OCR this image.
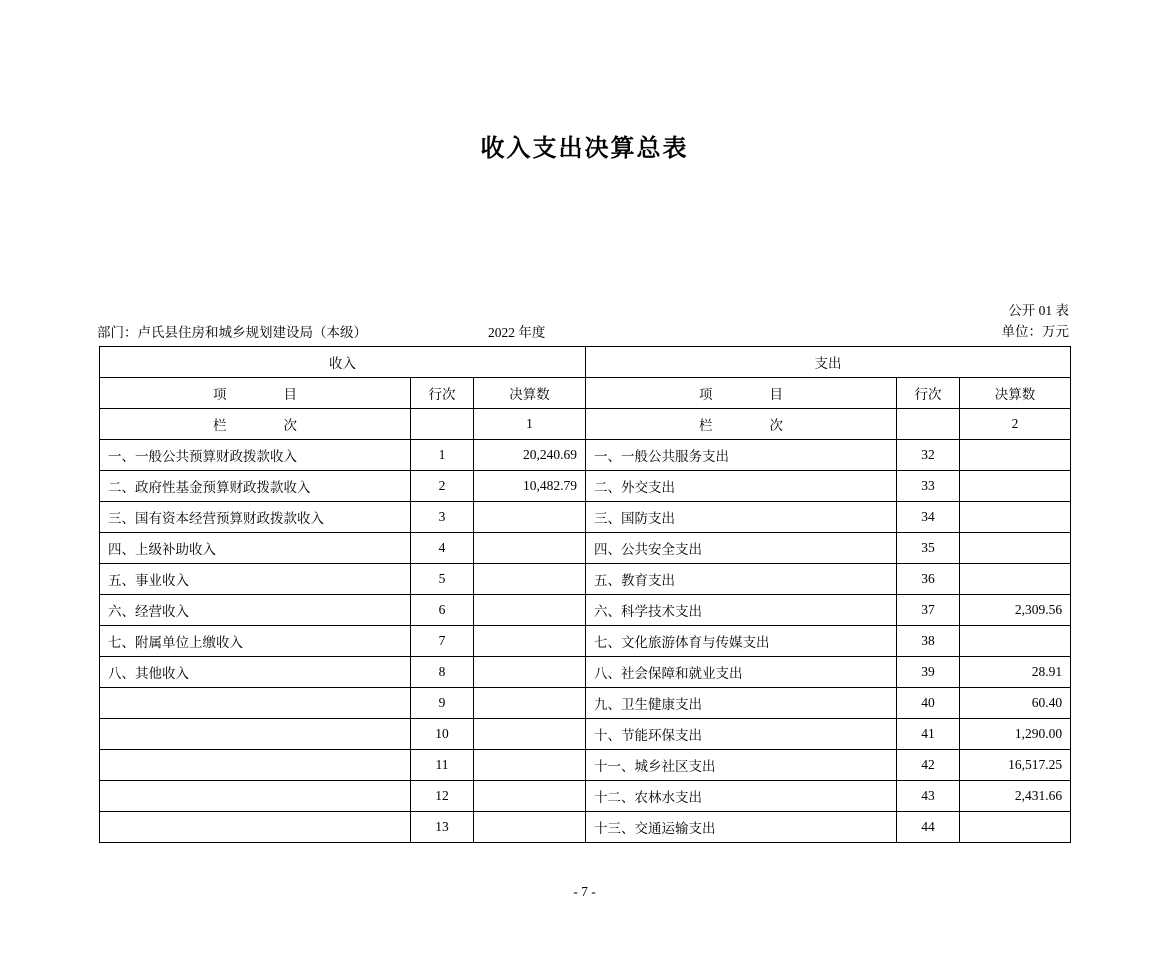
收入支出决算总表
公开 01 表
单位：万元
部门：卢氏县住房和城乡规划建设局（本级）	2022 年度
收入			支出		
项　　目	行次	决算数	项　　目	行次	决算数
栏　　次		1	栏　　次		2
一、一般公共预算财政拨款收入	1	20,240.69	一、一般公共服务支出	32	
二、政府性基金预算财政拨款收入	2	10,482.79	二、外交支出	33	
三、国有资本经营预算财政拨款收入	3		三、国防支出	34	
四、上级补助收入	4		四、公共安全支出	35	
五、事业收入	5		五、教育支出	36	
六、经营收入	6		六、科学技术支出	37	2,309.56
七、附属单位上缴收入	7		七、文化旅游体育与传媒支出	38	
八、其他收入	8		八、社会保障和就业支出	39	28.91
	9		九、卫生健康支出	40	60.40
	10		十、节能环保支出	41	1,290.00
	11		十一、城乡社区支出	42	16,517.25
	12		十二、农林水支出	43	2,431.66
	13		十三、交通运输支出	44	
- 7 -
